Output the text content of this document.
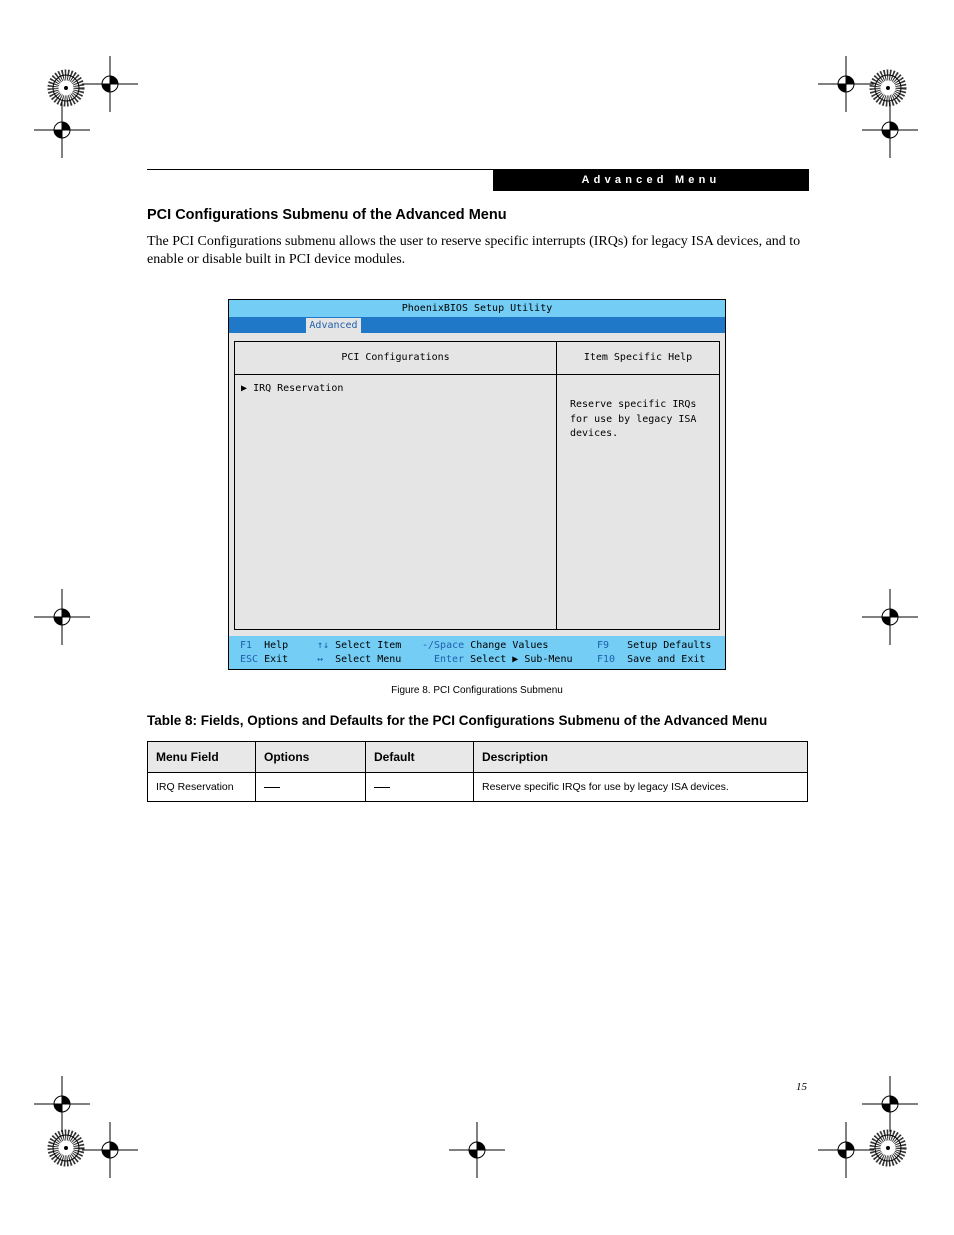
Advanced Menu
PCI Configurations Submenu of the Advanced Menu

The PCI Configurations submenu allows the user to reserve specific interrupts (IRQs) for legacy ISA devices, and to enable or disable built in PCI device modules.

PhoenixBIOS Setup Utility
Advanced
PCI Configurations	Item Specific Help
▶ IRQ Reservation
Reserve specific IRQs
for use by legacy ISA
devices.
F1 Help
ESC Exit
↑↓ Select Item
↔ Select Menu
-/Space Change Values
Enter Select ▶ Sub-Menu
F9 Setup Defaults
F10 Save and Exit
Figure 8. PCI Configurations Submenu
Table 8: Fields, Options and Defaults for the PCI Configurations Submenu of the Advanced Menu
Menu Field	Options	Default	Description
IRQ Reservation			Reserve specific IRQs for use by legacy ISA devices.
15
